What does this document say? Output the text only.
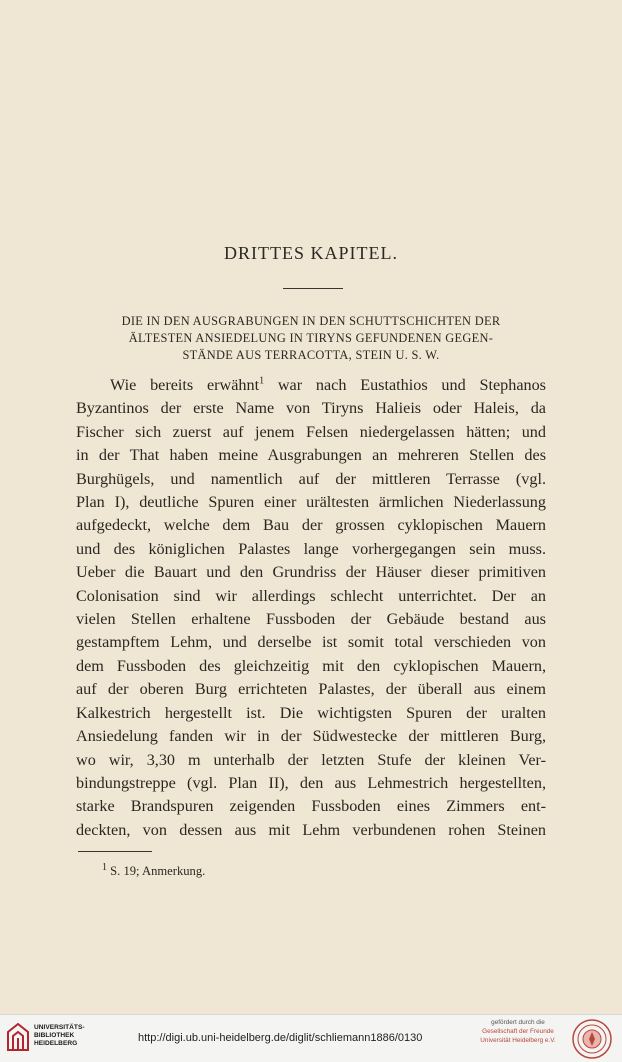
DRITTES KAPITEL.
DIE IN DEN AUSGRABUNGEN IN DEN SCHUTTSCHICHTEN DER
ÄLTESTEN ANSIEDELUNG IN TIRYNS GEFUNDENEN GEGEN-
STÄNDE AUS TERRACOTTA, STEIN U. S. W.
Wie bereits erwähnt$^1$ war nach Eustathios und Stephanos
Byzantinos der erste Name von Tiryns Halieis oder Haleis, da
Fischer sich zuerst auf jenem Felsen niedergelassen hätten; und
in der That haben meine Ausgrabungen an mehreren Stellen des
Burghügels, und namentlich auf der mittleren Terrasse (vgl.
Plan I), deutliche Spuren einer urältesten ärmlichen Niederlassung
aufgedeckt, welche dem Bau der grossen cyklopischen Mauern
und des königlichen Palastes lange vorhergegangen sein muss.
Ueber die Bauart und den Grundriss der Häuser dieser primitiven
Colonisation sind wir allerdings schlecht unterrichtet. Der an
vielen Stellen erhaltene Fussboden der Gebäude bestand aus
gestampftem Lehm, und derselbe ist somit total verschieden von
dem Fussboden des gleichzeitig mit den cyklopischen Mauern,
auf der oberen Burg errichteten Palastes, der überall aus einem
Kalkestrich hergestellt ist. Die wichtigsten Spuren der uralten
Ansiedelung fanden wir in der Südwestecke der mittleren Burg,
wo wir, 3,30 m unterhalb der letzten Stufe der kleinen Ver-
bindungstreppe (vgl. Plan II), den aus Lehmestrich hergestellten,
starke Brandspuren zeigenden Fussboden eines Zimmers ent-
deckten, von dessen aus mit Lehm verbundenen rohen Steinen
$^1$ S. 19; Anmerkung.
UNIVERSITÄTS-
BIBLIOTHEK
HEIDELBERG	http://digi.ub.uni-heidelberg.de/diglit/schliemann1886/0130
gefördert durch die
Gesellschaft der Freunde
Universität Heidelberg e.V.
